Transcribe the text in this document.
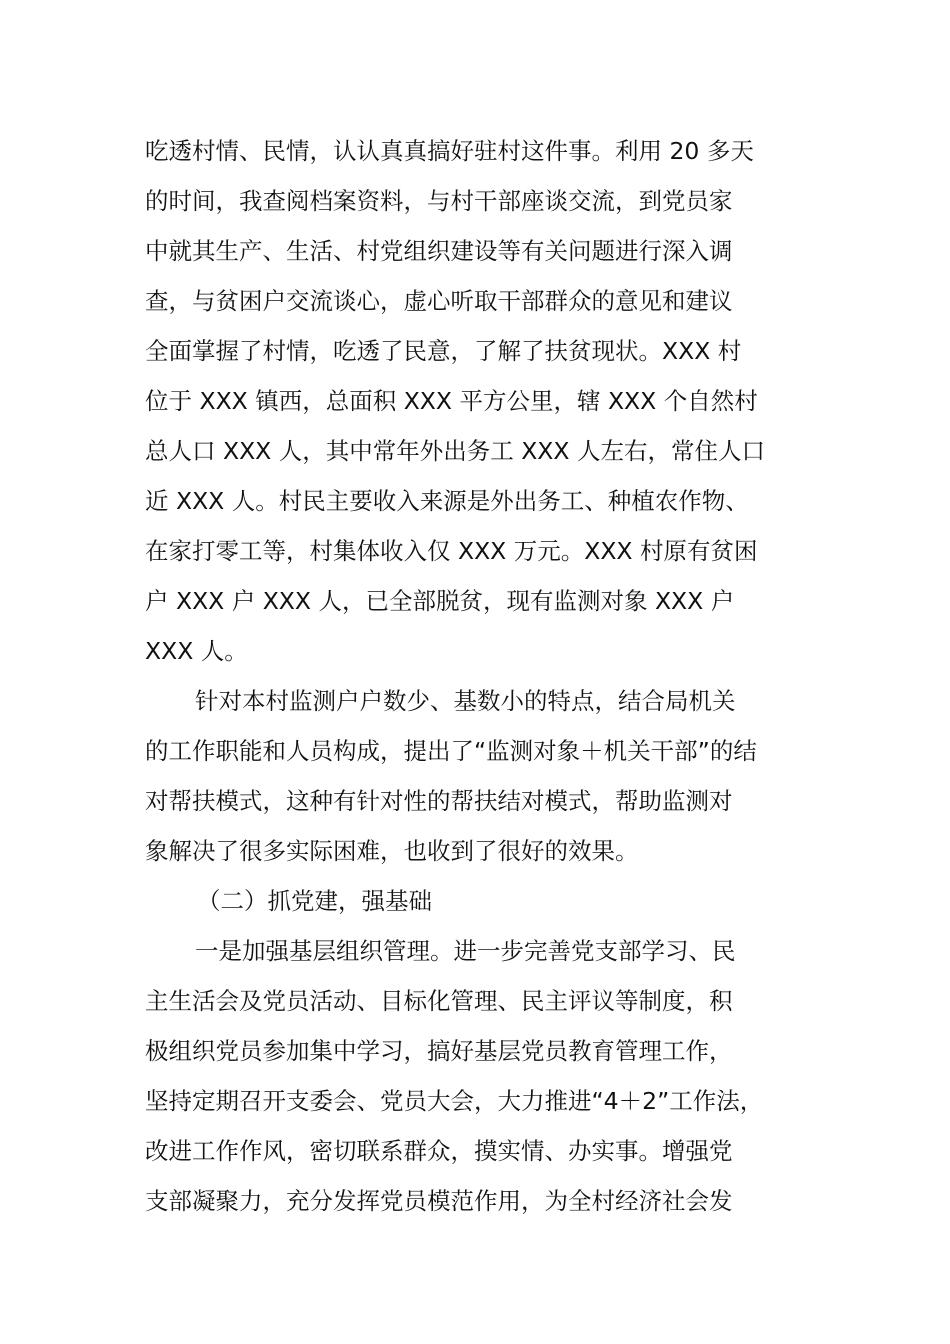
吃透村情、民情，认认真真搞好驻村这件事。利用 20 多天
的时间，我查阅档案资料，与村干部座谈交流，到党员家
中就其生产、生活、村党组织建设等有关问题进行深入调
查，与贫困户交流谈心，虚心听取干部群众的意见和建议
全面掌握了村情，吃透了民意，了解了扶贫现状。XXX 村
位于 XXX 镇西，总面积 XXX 平方公里，辖 XXX 个自然村
总人口 XXX 人，其中常年外出务工 XXX 人左右，常住人口
近 XXX 人。村民主要收入来源是外出务工、种植农作物、
在家打零工等，村集体收入仅 XXX 万元。XXX 村原有贫困
户 XXX 户 XXX 人，已全部脱贫，现有监测对象 XXX 户
XXX 人。
针对本村监测户户数少、基数小的特点，结合局机关
的工作职能和人员构成，提出了“监测对象＋机关干部”的结
对帮扶模式，这种有针对性的帮扶结对模式，帮助监测对
象解决了很多实际困难，也收到了很好的效果。
（二）抓党建，强基础
一是加强基层组织管理。进一步完善党支部学习、民
主生活会及党员活动、目标化管理、民主评议等制度，积
极组织党员参加集中学习，搞好基层党员教育管理工作，
坚持定期召开支委会、党员大会，大力推进“4＋2”工作法，
改进工作作风，密切联系群众，摸实情、办实事。增强党
支部凝聚力，充分发挥党员模范作用，为全村经济社会发
